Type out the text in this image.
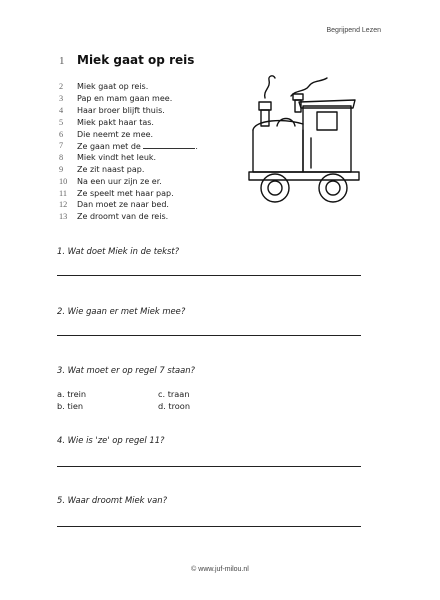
Begrijpend Lezen
1	Miek gaat op reis
2	Miek gaat op reis.
3	Pap en mam gaan mee.
4	Haar broer blijft thuis.
5	Miek pakt haar tas.
6	Die neemt ze mee.
7	Ze gaan met de	.
8	Miek vindt het leuk.
9	Ze zit naast pap.
10	Na een uur zijn ze er.
11	Ze speelt met haar pap.
12	Dan moet ze naar bed.
13	Ze droomt van de reis.
1. Wat doet Miek in de tekst?
2. Wie gaan er met Miek mee?
3. Wat moet er op regel 7 staan?
a. trein
b. tien
c. traan
d. troon
4. Wie is 'ze' op regel 11?
5. Waar droomt Miek van?
© www.juf-milou.nl
